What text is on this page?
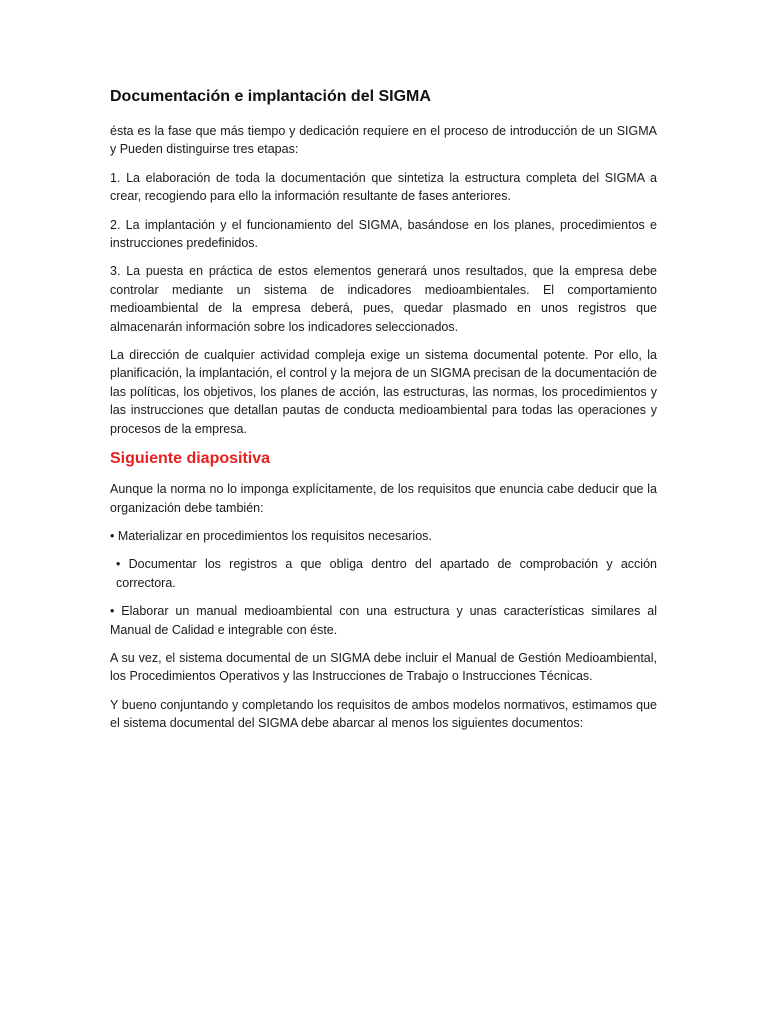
Documentación e implantación del SIGMA

ésta es la fase que más tiempo y dedicación requiere en el proceso de introducción de un SIGMA y Pueden distinguirse tres etapas:

1. La elaboración de toda la documentación que sintetiza la estructura completa del SIGMA a crear, recogiendo para ello la información resultante de fases anteriores.

2. La implantación y el funcionamiento del SIGMA, basándose en los planes, procedimientos e instrucciones predefinidos.

3. La puesta en práctica de estos elementos generará unos resultados, que la empresa debe controlar mediante un sistema de indicadores medioambientales. El comportamiento medioambiental de la empresa deberá, pues, quedar plasmado en unos registros que almacenarán información sobre los indicadores seleccionados.

La dirección de cualquier actividad compleja exige un sistema documental potente. Por ello, la planificación, la implantación, el control y la mejora de un SIGMA precisan de la documentación de las políticas, los objetivos, los planes de acción, las estructuras, las normas, los procedimientos y las instrucciones que detallan pautas de conducta medioambiental para todas las operaciones y procesos de la empresa.

Siguiente diapositiva

Aunque la norma no lo imponga explícitamente, de los requisitos que enuncia cabe deducir que la organización debe también:

• Materializar en procedimientos los requisitos necesarios.

• Documentar los registros a que obliga dentro del apartado de comprobación y acción correctora.

• Elaborar un manual medioambiental con una estructura y unas características similares al Manual de Calidad e integrable con éste.

A su vez, el sistema documental de un SIGMA debe incluir el Manual de Gestión Medioambiental, los Procedimientos Operativos y las Instrucciones de Trabajo o Instrucciones Técnicas.

Y bueno conjuntando y completando los requisitos de ambos modelos normativos, estimamos que el sistema documental del SIGMA debe abarcar al menos los siguientes documentos:
